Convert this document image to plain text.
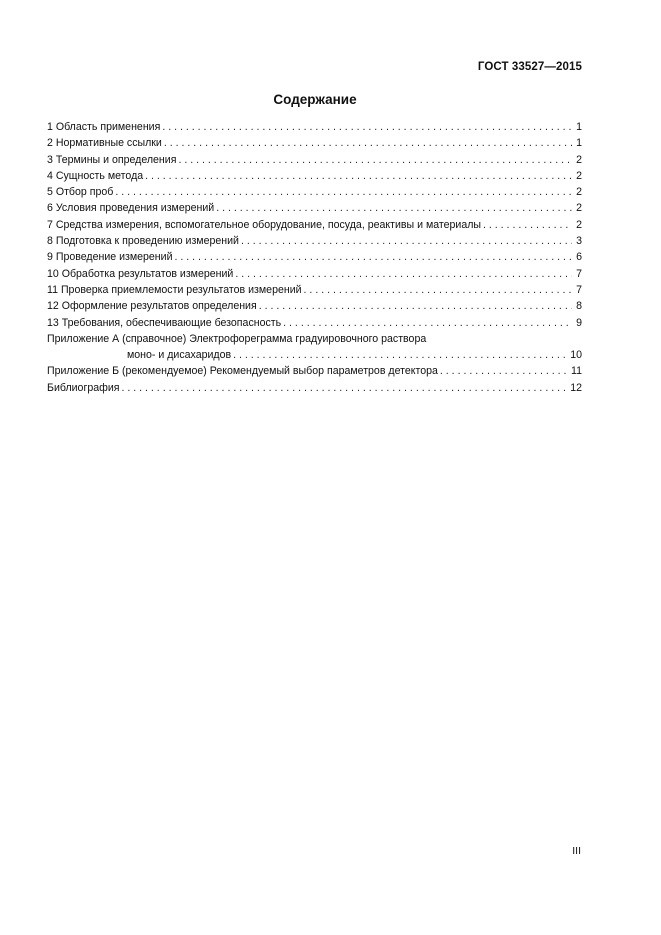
ГОСТ 33527—2015
Содержание
1 Область применения . . .	1
2 Нормативные ссылки . . .	1
3 Термины и определения . . .	2
4 Сущность метода . . .	2
5 Отбор проб . . .	2
6 Условия проведения измерений . . .	2
7 Средства измерения, вспомогательное оборудование, посуда, реактивы и материалы . . .	2
8 Подготовка к проведению измерений . . .	3
9 Проведение измерений . . .	6
10 Обработка результатов измерений . . .	7
11 Проверка приемлемости результатов измерений . . .	7
12 Оформление результатов определения . . .	8
13 Требования, обеспечивающие безопасность . . .	9
Приложение А (справочное) Электрофореграмма градуировочного раствора
моно- и дисахаридов . . .	10
Приложение Б (рекомендуемое) Рекомендуемый выбор параметров детектора . . .	11
Библиография . . .	12
III
